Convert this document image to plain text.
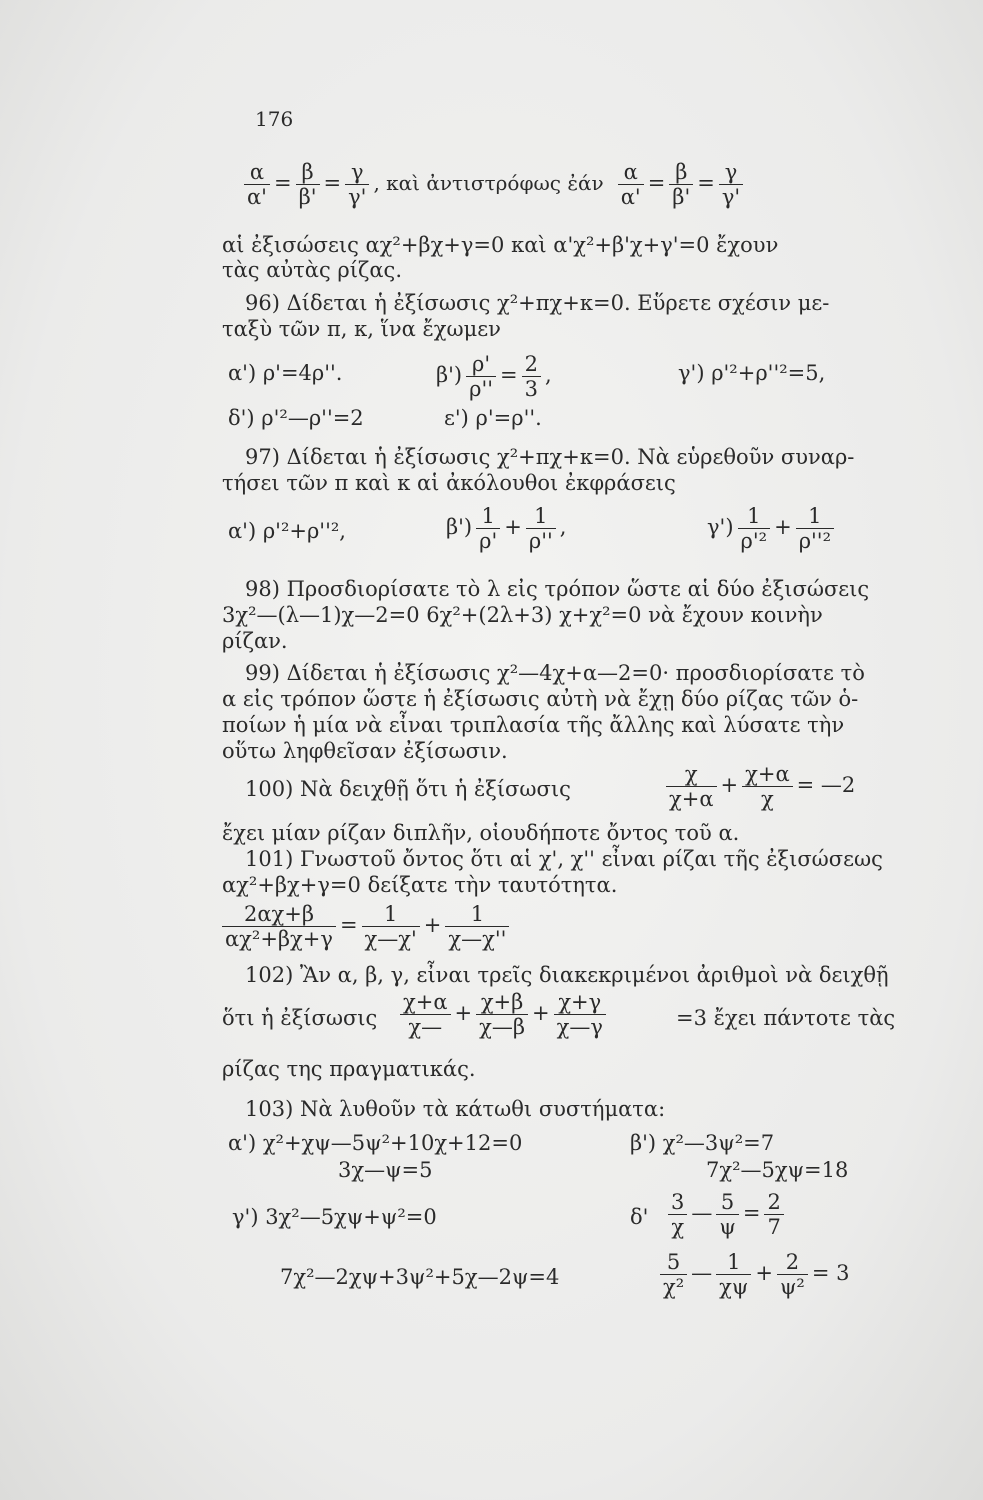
176
$\frac{\alpha}{\alpha'} = \frac{\beta}{\beta'} = \frac{\gamma}{\gamma'}$ , καὶ ἀντιστρόφως ἐάν $\frac{\alpha}{\alpha'} = \frac{\beta}{\beta'} = \frac{\gamma}{\gamma'}$
αἱ ἐξισώσεις αχ²+βχ+γ=0 καὶ α'χ²+β'χ+γ'=0 ἔχουν
τὰς αὐτὰς ρίζας.
96) Δίδεται ἡ ἐξίσωσις χ²+πχ+κ=0. Εὕρετε σχέσιν με-
ταξὺ τῶν π, κ, ἵνα ἔχωμεν
α') ρ'=4ρ''.	$\beta') \frac{\rho'}{\rho''} = \frac{2}{3}$ ,	γ') ρ'²+ρ''²=5,
δ') ρ'²—ρ''=2	ε') ρ'=ρ''.
97) Δίδεται ἡ ἐξίσωσις χ²+πχ+κ=0. Νὰ εὑρεθοῦν συναρ-
τήσει τῶν π καὶ κ αἱ ἀκόλουθοι ἐκφράσεις
α') ρ'²+ρ''²,	$\beta') \frac{1}{\rho'} + \frac{1}{\rho''}$ ,	$\gamma') \frac{1}{\text{ρ'²}} + \frac{1}{\text{ρ''²}}$
98) Προσδιορίσατε τὸ λ εἰς τρόπον ὥστε αἱ δύο ἐξισώσεις
3χ²—(λ—1)χ—2=0 6χ²+(2λ+3) χ+χ²=0 νὰ ἔχουν κοινὴν
ρίζαν.
99) Δίδεται ἡ ἐξίσωσις χ²—4χ+α—2=0· προσδιορίσατε τὸ
α εἰς τρόπον ὥστε ἡ ἐξίσωσις αὐτὴ νὰ ἔχῃ δύο ρίζας τῶν ὁ-
ποίων ἡ μία νὰ εἶναι τριπλασία τῆς ἄλλης καὶ λύσατε τὴν
οὕτω ληφθεῖσαν ἐξίσωσιν.
100) Νὰ δειχθῇ ὅτι ἡ ἐξίσωσις	$\frac{\chi}{\chi+\alpha} + \frac{\chi+\alpha}{\chi}$ = —2
ἔχει μίαν ρίζαν διπλῆν, οἱουδήποτε ὄντος τοῦ α.
101) Γνωστοῦ ὄντος ὅτι αἱ χ', χ'' εἶναι ρίζαι τῆς ἐξισώσεως
αχ²+βχ+γ=0 δείξατε τὴν ταυτότητα.
$\frac{2\alpha\chi+\beta}{\text{αχ²+βχ+γ}} = \frac{1}{\chi—\chi'} + \frac{1}{\chi—\chi''}$
102) Ἂν α, β, γ, εἶναι τρεῖς διακεκριμένοι ἀριθμοὶ νὰ δειχθῇ
ὅτι ἡ ἐξίσωσις $\frac{\chi+\alpha}{\chi—} + \frac{\chi+\beta}{\chi—\beta} + \frac{\chi+\gamma}{\chi—\gamma}$	=3 ἔχει πάντοτε τὰς
ρίζας της πραγματικάς.
103) Νὰ λυθοῦν τὰ κάτωθι συστήματα:
α') χ²+χψ—5ψ²+10χ+12=0	β') χ²—3ψ²=7
3χ—ψ=5	7χ²—5χψ=18
γ') 3χ²—5χψ+ψ²=0	$\delta' \frac{3}{\chi}$ — $\frac{5}{\psi} = \frac{2}{7}$
7χ²—2χψ+3ψ²+5χ—2ψ=4	$\frac{5}{\text{χ²}}$ — $\frac{1}{\chi\psi} + \frac{2}{\text{ψ²}} = 3$
